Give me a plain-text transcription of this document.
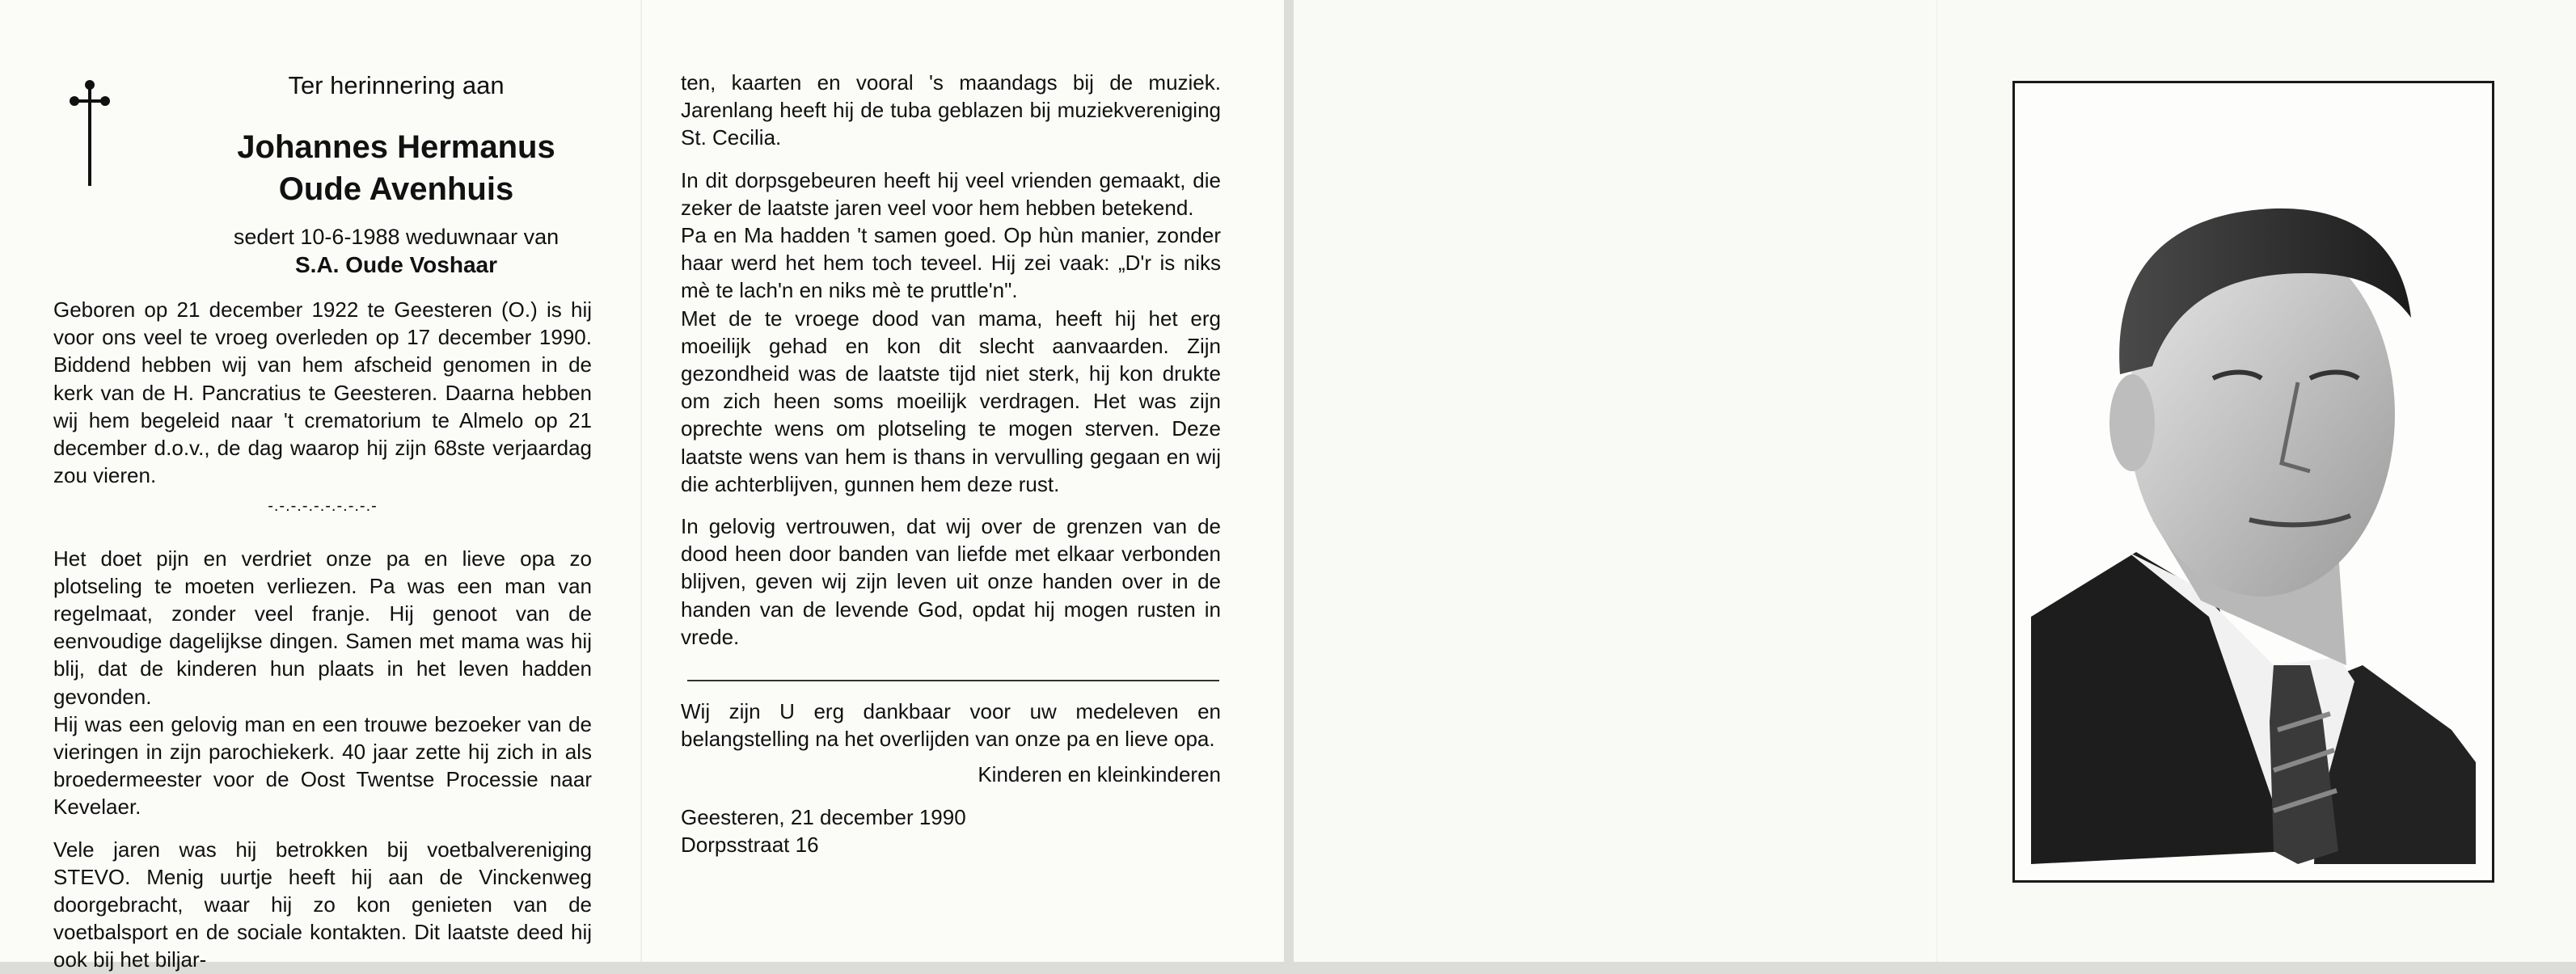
Ter herinnering aan
Johannes Hermanus
Oude Avenhuis
sedert 10-6-1988 weduwnaar van
S.A. Oude Voshaar

Geboren op 21 december 1922 te Geesteren (O.) is hij voor ons veel te vroeg overleden op 17 december 1990. Biddend hebben wij van hem afscheid genomen in de kerk van de H. Pancratius te Geesteren. Daarna hebben wij hem begeleid naar 't crematorium te Almelo op 21 december d.o.v., de dag waarop hij zijn 68ste verjaardag zou vieren.

-.-.-.-.-.-.-.-.-.-

Het doet pijn en verdriet onze pa en lieve opa zo plotseling te moeten verliezen. Pa was een man van regelmaat, zonder veel franje. Hij genoot van de eenvoudige dagelijkse dingen. Samen met mama was hij blij, dat de kinderen hun plaats in het leven hadden gevonden.

Hij was een gelovig man en een trouwe bezoeker van de vieringen in zijn parochiekerk. 40 jaar zette hij zich in als broedermeester voor de Oost Twentse Processie naar Kevelaer.

Vele jaren was hij betrokken bij voetbalvereniging STEVO. Menig uurtje heeft hij aan de Vinckenweg doorgebracht, waar hij zo kon genieten van de voetbalsport en de sociale kontakten. Dit laatste deed hij ook bij het biljar-

ten, kaarten en vooral 's maandags bij de muziek. Jarenlang heeft hij de tuba geblazen bij muziekvereniging St. Cecilia.

In dit dorpsgebeuren heeft hij veel vrienden gemaakt, die zeker de laatste jaren veel voor hem hebben betekend.

Pa en Ma hadden 't samen goed. Op hùn manier, zonder haar werd het hem toch teveel. Hij zei vaak: „D'r is niks mè te lach'n en niks mè te pruttle'n".

Met de te vroege dood van mama, heeft hij het erg moeilijk gehad en kon dit slecht aanvaarden. Zijn gezondheid was de laatste tijd niet sterk, hij kon drukte om zich heen soms moeilijk verdragen. Het was zijn oprechte wens om plotseling te mogen sterven. Deze laatste wens van hem is thans in vervulling gegaan en wij die achterblijven, gunnen hem deze rust.

In gelovig vertrouwen, dat wij over de grenzen van de dood heen door banden van liefde met elkaar verbonden blijven, geven wij zijn leven uit onze handen over in de handen van de levende God, opdat hij mogen rusten in vrede.

Wij zijn U erg dankbaar voor uw medeleven en belangstelling na het overlijden van onze pa en lieve opa.

Kinderen en kleinkinderen

Geesteren, 21 december 1990

Dorpsstraat 16
